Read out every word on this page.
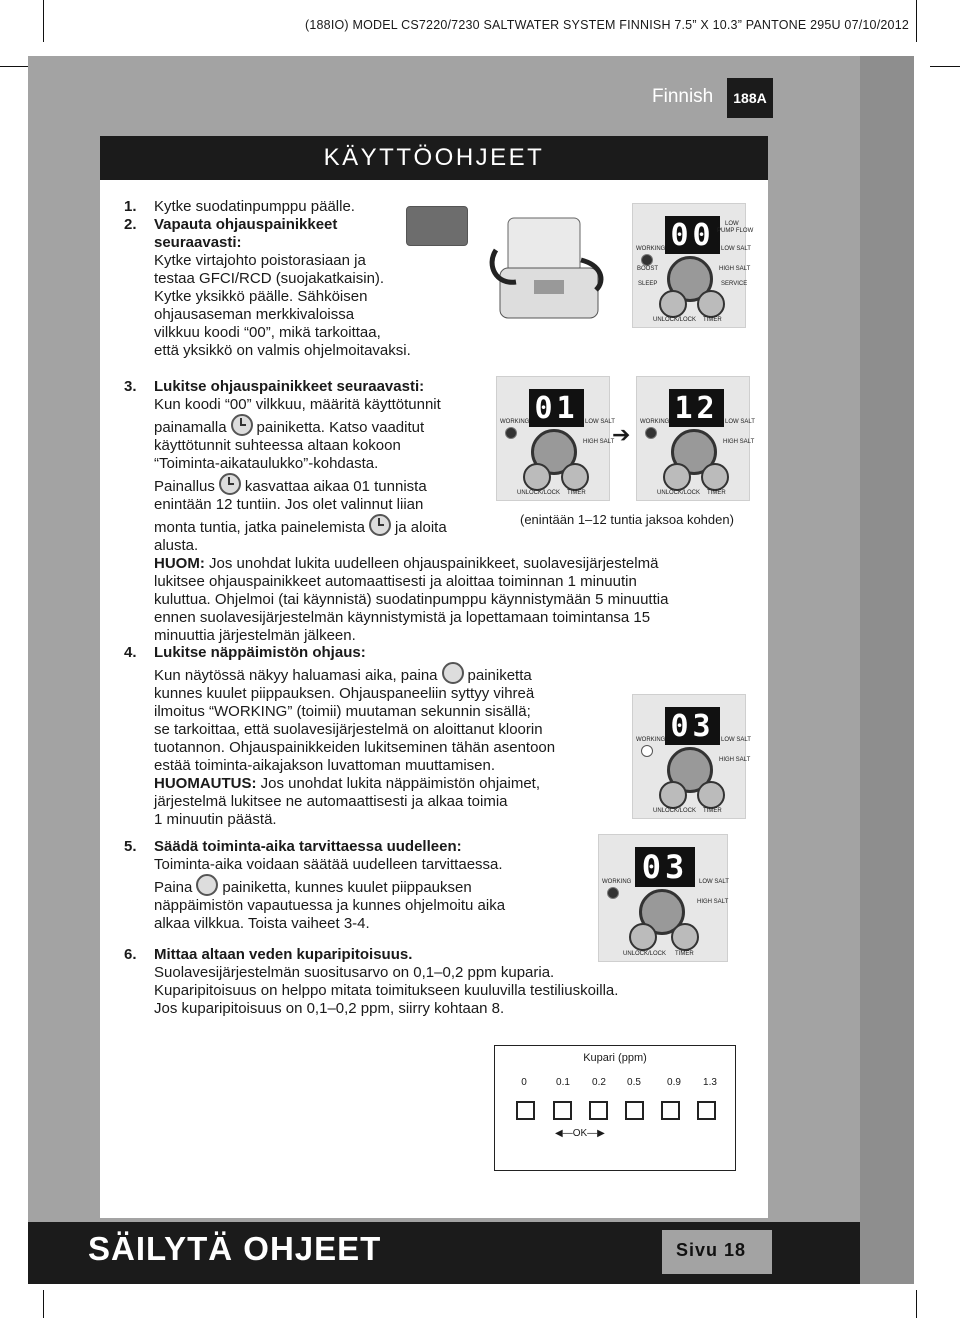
(188IO) MODEL CS7220/7230 SALTWATER SYSTEM FINNISH 7.5” X 10.3” PANTONE 295U 07/10/2012
Finnish	188A
KÄYTTÖOHJEET
1. Kytke suodatinpumppu päälle.
2. Vapauta ohjauspainikkeet
seuraavasti:
Kytke virtajohto poistorasiaan ja
testaa GFCI/RCD (suojakatkaisin).
Kytke yksikkö päälle. Sähköisen
ohjausaseman merkkivaloissa
vilkkuu koodi “00”, mikä tarkoittaa,
että yksikkö on valmis ohjelmoitavaksi.
00	LOW
PUMP FLOW
WORKING	LOW SALT
BOOST	HIGH SALT
SLEEP	SERVICE
UNLOCK/LOCK TIMER
3. Lukitse ohjauspainikkeet seuraavasti:
Kun koodi “00” vilkkuu, määritä käyttötunnit
painamalla painiketta. Katso vaaditut
käyttötunnit suhteessa altaan kokoon
“Toiminta-aikataulukko”-kohdasta.
Painallus kasvattaa aikaa 01 tunnista
enintään 12 tuntiin. Jos olet valinnut liian
monta tuntia, jatka painelemista ja aloita
alusta.
HUOM: Jos unohdat lukita uudelleen ohjauspainikkeet, suolavesijärjestelmä
lukitsee ohjauspainikkeet automaattisesti ja aloittaa toiminnan 1 minuutin
kuluttua. Ohjelmoi (tai käynnistä) suodatinpumppu käynnistymään 5 minuuttia
ennen suolavesijärjestelmän käynnistymistä ja lopettamaan toimintansa 15
minuuttia järjestelmän jälkeen.
01
WORKING	LOW SALT
HIGH SALT
UNLOCK/LOCK TIMER
➔
12
WORKING	LOW SALT
HIGH SALT
UNLOCK/LOCK TIMER
(enintään 1–12 tuntia jaksoa kohden)
4. Lukitse näppäimistön ohjaus:
Kun näytössä näkyy haluamasi aika, paina painiketta
kunnes kuulet piippauksen. Ohjauspaneeliin syttyy vihreä
ilmoitus “WORKING” (toimii) muutaman sekunnin sisällä;
se tarkoittaa, että suolavesijärjestelmä on aloittanut kloorin
tuotannon. Ohjauspainikkeiden lukitseminen tähän asentoon
estää toiminta-aikajakson luvattoman muuttamisen.
HUOMAUTUS: Jos unohdat lukita näppäimistön ohjaimet,
järjestelmä lukitsee ne automaattisesti ja alkaa toimia
1 minuutin päästä.
03
WORKING	LOW SALT
HIGH SALT
UNLOCK/LOCK TIMER
5. Säädä toiminta-aika tarvittaessa uudelleen:
Toiminta-aika voidaan säätää uudelleen tarvittaessa.
Paina painiketta, kunnes kuulet piippauksen
näppäimistön vapautuessa ja kunnes ohjelmoitu aika
alkaa vilkkua. Toista vaiheet 3-4.
03
WORKING	LOW SALT
HIGH SALT
UNLOCK/LOCK TIMER
6. Mittaa altaan veden kuparipitoisuus.
Suolavesijärjestelmän suositusarvo on 0,1–0,2 ppm kuparia.
Kuparipitoisuus on helppo mitata toimitukseen kuuluvilla testiliuskoilla.
Jos kuparipitoisuus on 0,1–0,2 ppm, siirry kohtaan 8.
Kupari (ppm)
0	0.1	0.2	0.5	0.9	1.3
◀—OK—▶
SÄILYTÄ OHJEET	Sivu 18
